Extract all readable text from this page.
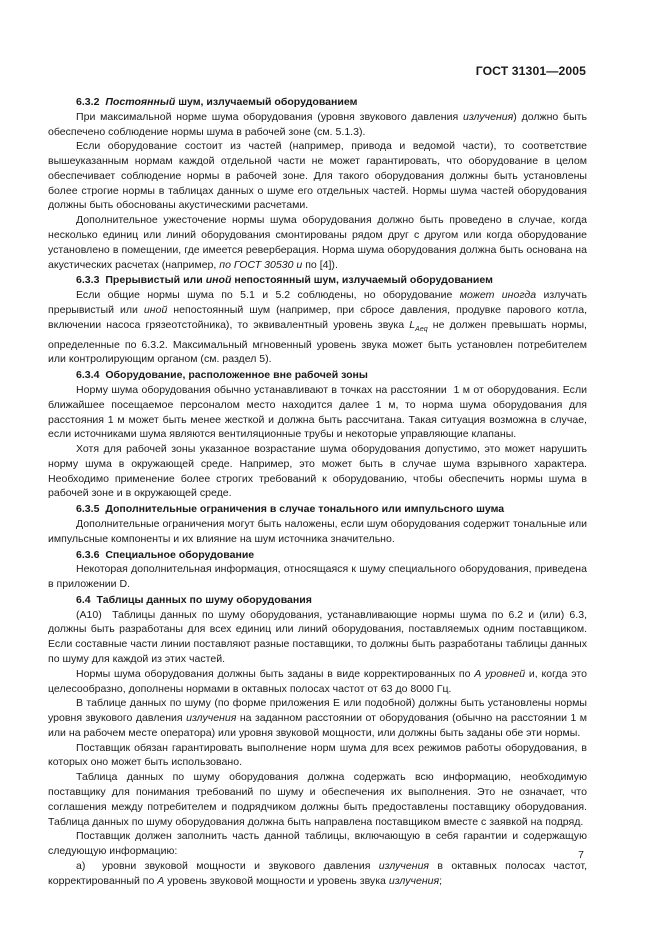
ГОСТ 31301—2005

6.3.2  Постоянный шум, излучаемый оборудованием

При максимальной норме шума оборудования (уровня звукового давления излучения) должно быть обеспечено соблюдение нормы шума в рабочей зоне (см. 5.1.3).

Если оборудование состоит из частей (например, привода и ведомой части), то соответствие вышеуказанным нормам каждой отдельной части не может гарантировать, что оборудование в целом обеспечивает соблюдение нормы в рабочей зоне. Для такого оборудования должны быть установлены более строгие нормы в таблицах данных о шуме его отдельных частей. Нормы шума частей оборудования должны быть обоснованы акустическими расчетами.

Дополнительное ужесточение нормы шума оборудования должно быть проведено в случае, когда несколько единиц или линий оборудования смонтированы рядом друг с другом или когда оборудование установлено в помещении, где имеется реверберация. Норма шума оборудования должна быть основана на акустических расчетах (например, по ГОСТ 30530 и по [4]).

6.3.3  Прерывистый или иной непостоянный шум, излучаемый оборудованием

Если общие нормы шума по 5.1 и 5.2 соблюдены, но оборудование может иногда излучать прерывистый или иной непостоянный шум (например, при сбросе давления, продувке парового котла, включении насоса грязеотстойника), то эквивалентный уровень звука $L_{Aeq}$ не должен превышать нормы, определенные по 6.3.2. Максимальный мгновенный уровень звука может быть установлен потребителем или контролирующим органом (см. раздел 5).

6.3.4  Оборудование, расположенное вне рабочей зоны

Норму шума оборудования обычно устанавливают в точках на расстоянии  1 м от оборудования. Если ближайшее посещаемое персоналом место находится далее 1 м, то норма шума оборудования для расстояния 1 м может быть менее жесткой и должна быть рассчитана. Такая ситуация возможна в случае, если источниками шума являются вентиляционные трубы и некоторые управляющие клапаны.

Хотя для рабочей зоны указанное возрастание шума оборудования допустимо, это может нарушить норму шума в окружающей среде. Например, это может быть в случае шума взрывного характера. Необходимо применение более строгих требований к оборудованию, чтобы обеспечить нормы шума в рабочей зоне и в окружающей среде.

6.3.5  Дополнительные ограничения в случае тонального или импульсного шума

Дополнительные ограничения могут быть наложены, если шум оборудования содержит тональные или импульсные компоненты и их влияние на шум источника значительно.

6.3.6  Специальное оборудование

Некоторая дополнительная информация, относящаяся к шуму специального оборудования, приведена в приложении D.

6.4  Таблицы данных по шуму оборудования

(А10)  Таблицы данных по шуму оборудования, устанавливающие нормы шума по 6.2 и (или) 6.3, должны быть разработаны для всех единиц или линий оборудования, поставляемых одним поставщиком. Если составные части линии поставляют разные поставщики, то должны быть разработаны таблицы данных по шуму для каждой из этих частей.

Нормы шума оборудования должны быть заданы в виде корректированных по А уровней и, когда это целесообразно, дополнены нормами в октавных полосах частот от 63 до 8000 Гц.

В таблице данных по шуму (по форме приложения Е или подобной) должны быть установлены нормы уровня звукового давления излучения на заданном расстоянии от оборудования (обычно на расстоянии 1 м или на рабочем месте оператора) или уровня звуковой мощности, или должны быть заданы обе эти нормы.

Поставщик обязан гарантировать выполнение норм шума для всех режимов работы оборудования, в которых оно может быть использовано.

Таблица данных по шуму оборудования должна содержать всю информацию, необходимую поставщику для понимания требований по шуму и обеспечения их выполнения. Это не означает, что соглашения между потребителем и подрядчиком должны быть предоставлены поставщику оборудования. Таблица данных по шуму оборудования должна быть направлена поставщиком вместе с заявкой на подряд.

Поставщик должен заполнить часть данной таблицы, включающую в себя гарантии и содержащую следующую информацию:

а)  уровни звуковой мощности и звукового давления излучения в октавных полосах частот, корректированный по А уровень звуковой мощности и уровень звука излучения;

7
